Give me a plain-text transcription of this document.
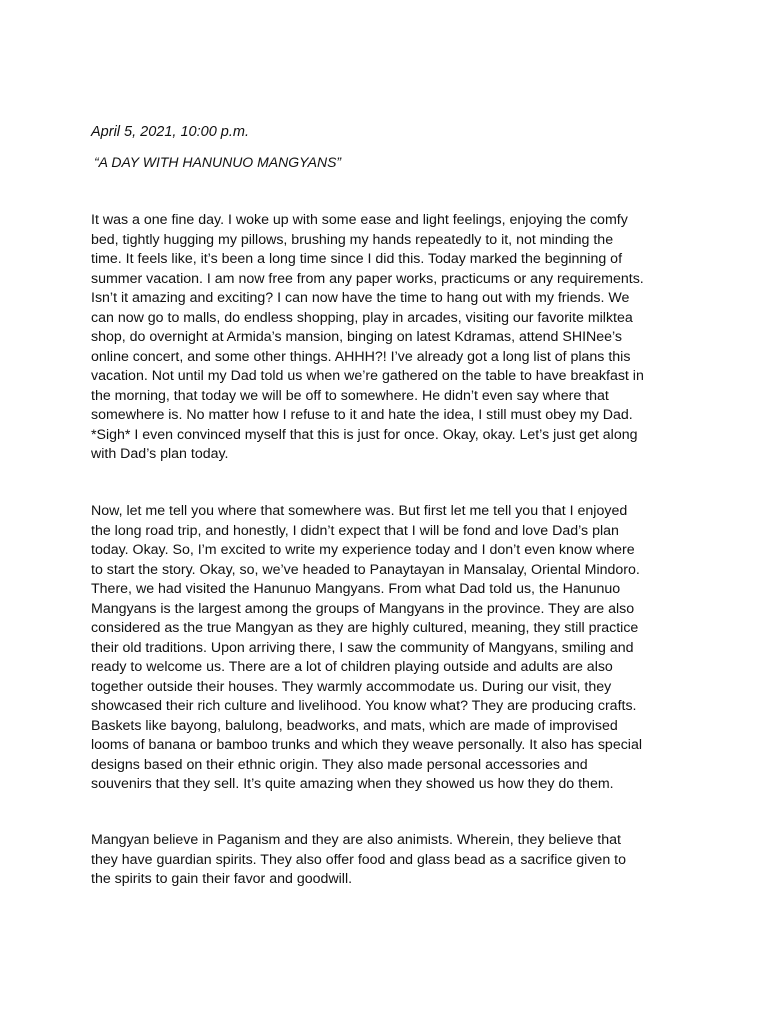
April 5, 2021, 10:00 p.m.
“A DAY WITH HANUNUO MANGYANS”
It was a one fine day. I woke up with some ease and light feelings, enjoying the comfy
bed, tightly hugging my pillows, brushing my hands repeatedly to it, not minding the
time. It feels like, it’s been a long time since I did this. Today marked the beginning of
summer vacation. I am now free from any paper works, practicums or any requirements.
Isn’t it amazing and exciting? I can now have the time to hang out with my friends. We
can now go to malls, do endless shopping, play in arcades, visiting our favorite milktea
shop, do overnight at Armida’s mansion, binging on latest Kdramas, attend SHINee’s
online concert, and some other things. AHHH?! I’ve already got a long list of plans this
vacation. Not until my Dad told us when we’re gathered on the table to have breakfast in
the morning, that today we will be off to somewhere. He didn’t even say where that
somewhere is. No matter how I refuse to it and hate the idea, I still must obey my Dad.
*Sigh* I even convinced myself that this is just for once. Okay, okay. Let’s just get along
with Dad’s plan today.
Now, let me tell you where that somewhere was. But first let me tell you that I enjoyed
the long road trip, and honestly, I didn’t expect that I will be fond and love Dad’s plan
today. Okay. So, I’m excited to write my experience today and I don’t even know where
to start the story. Okay, so, we’ve headed to Panaytayan in Mansalay, Oriental Mindoro.
There, we had visited the Hanunuo Mangyans. From what Dad told us, the Hanunuo
Mangyans is the largest among the groups of Mangyans in the province. They are also
considered as the true Mangyan as they are highly cultured, meaning, they still practice
their old traditions. Upon arriving there, I saw the community of Mangyans, smiling and
ready to welcome us. There are a lot of children playing outside and adults are also
together outside their houses. They warmly accommodate us. During our visit, they
showcased their rich culture and livelihood. You know what? They are producing crafts.
Baskets like bayong, balulong, beadworks, and mats, which are made of improvised
looms of banana or bamboo trunks and which they weave personally. It also has special
designs based on their ethnic origin. They also made personal accessories and
souvenirs that they sell. It’s quite amazing when they showed us how they do them.
Mangyan believe in Paganism and they are also animists. Wherein, they believe that
they have guardian spirits. They also offer food and glass bead as a sacrifice given to
the spirits to gain their favor and goodwill.
